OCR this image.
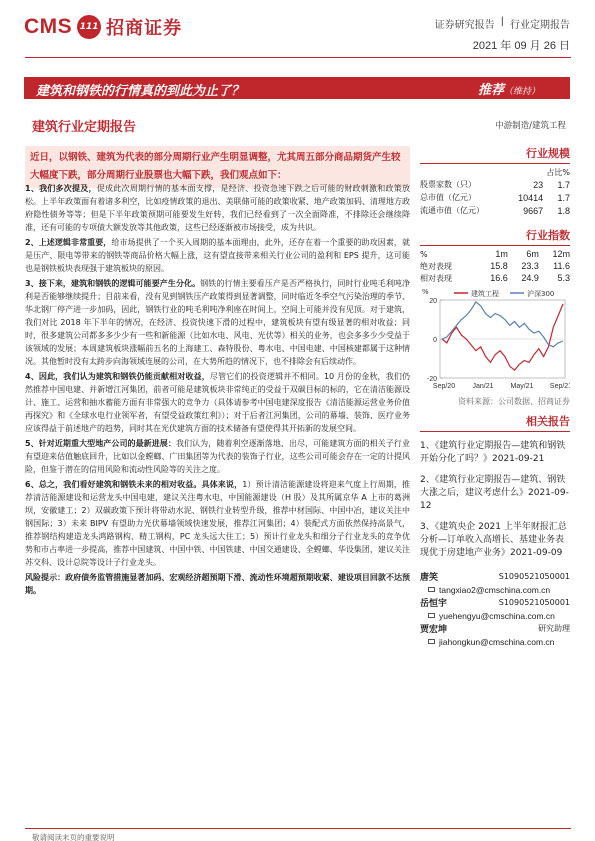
CMS 111 招商证券	证券研究报告 | 行业定期报告
2021 年 09 月 26 日
建筑和钢铁的行情真的到此为止了？	推荐（维持）
建筑行业定期报告	中游制造/建筑工程
近日，以钢铁、建筑为代表的部分周期行业产生明显调整，尤其周五部分商品期货产生较大幅度下跌，部分周期行业股票也大幅下跌，我们观点如下：
1、我们多次提及，促成此次周期行情的基本面支撑，是经济、投资急速下跌之后可能的财政刺激和政策放松。上半年政策面有着诸多利空，比如疫情政策的退出、美联储可能的政策收紧、地产政策加码、清理地方政府隐性债务等等；但是下半年政策预期可能要发生好转，我们已经看到了一次全面降准，不排除还会继续降准，还有可能的专项债大额发放等其他政策，这些已经逐渐被市场接受，成为共识。
2、上述逻辑非常重要，给市场提供了一个买入周期的基本面理由，此外，还存在着一个重要的助攻因素，就是压产、限电等带来的钢铁等商品价格大幅上涨，这有望直接带来相关行业公司的盈利和 EPS 提升，这可能也是钢铁板块表现强于建筑板块的原因。
3、接下来，建筑和钢铁的逻辑可能要产生分化。钢铁的行情主要看压产是否严格执行，同时行业吨毛利吨净利是否能够继续提升；目前来看，没有见到钢铁压产政策得到显著调整，同时临近冬季空气污染治理的季节、华北钢厂停产进一步加码，因此，钢铁行业的吨毛利吨净利座在时间上，空间上可能并没有见顶。对于建筑，我们对比 2018 年下半年的情况，在经济、投资快速下滑的过程中，建筑板块有望有级显著的相对收益；同时，很多建筑公司都多多少少有一些和新能源（比如水电、风电、光伏等）相关的业务，也会多多少少受益于该领域的发展；本周建筑板块涨幅前五名的上海建工、森特股份、粤水电、中国电建、中国核建都属于这种情况。其他暂时没有太跨步向海领域连展的公司，在大势所趋的情况下，也不排除会有后续动作。
4、因此，我们认为建筑和钢铁仍能贡献相对收益，尽管它们的投资逻辑并不相同。10 月份的金秋，我们仍然推荐中国电建、并新增江河集团，前者可能是建筑板块非常纯正的受益于双碳目标的标的，它在清洁能源设计、施工、运营和抽水蓄能方面有非常强大的竞争力（具体请参考中国电建深度报告《清洁能源运营业务价值再探究》和《全球水电行业领军者，有望受益政策红利》）；对于后者江河集团，公司的幕墙、装饰、医疗业务应该得益于前述地产的趋势，同时其在光伏建筑方面的技术储备有望使得其开拓新的发展空间。
5、针对近期重大型地产公司的最新进展：我们认为，随着利空逐渐落地、出尽，可能建筑方面的相关子行业有望迎来估值触底回升，比如以金螳螂、广田集团等为代表的装饰子行业，这些公司可能会存在一定的计提风险，但鉴于潜在的信用风险和流动性风险等的关注之度。
6、总之，我们看好建筑和钢铁未来的相对收益。具体来说，1）预计清洁能源建设将迎来气度上行周期，推荐清洁能源建设和运营龙头中国电建，建议关注粤水电，中国能源建设（H 股）及其所属京华 A 上市的葛洲坝，安徽建工；2）双碳政策下预计将带动水泥、钢铁行业转型升级，推荐中材国际、中国中冶，建议关注中钢国际；3）未来 BIPV 有望助力光伏幕墙领域快速发展，推荐江河集团；4）装配式方面依然保持高景气，推荐钢结构建造龙头鸿路钢构、精工钢构，PC 龙头远大住工；5）预计行业龙头和细分子行业龙头的竞争优势和市占率进一步提高，推荐中国建筑、中国中铁、中国铁建、中国交通建设、全螳螂、华设集团，建议关注苏交科、设计总院等设计子行业龙头。
风险提示：政府债务监管措施显著加码、宏观经济超预期下滑、流动性环境超预期收紧、建设项目回款不达预期。
行业规模
占比%
股票家数（只）	23	1.7
总市值（亿元）	10414	1.7
流通市值（亿元）	9667	1.8
行业指数
%	1m	6m	12m
绝对表现	15.8	23.3	11.6
相对表现	16.6	24.9	5.3
20
0
-20
Sep/20 Jan/21 May/21 Sep/21
建筑工程	沪深300
%
资料来源：公司数据、招商证券
相关报告
1、《建筑行业定期报告—建筑和钢铁开始分化了吗？》2021-09-21
2、《建筑行业定期报告—建筑、钢铁大涨之后，建议考虑什么》2021-09-12
3、《建筑央企 2021 上半年财报汇总分析—订单收入高增长、基建业务表现优于房建地产业务》2021-09-09
唐笑	S1090521050001
tangxiao2@cmschina.com.cn
岳恒宇	S1090521050001
yuehengyu@cmschina.com.cn
贾宏坤	研究助理
jiahongkun@cmschina.com.cn
敬请阅读末页的重要说明
